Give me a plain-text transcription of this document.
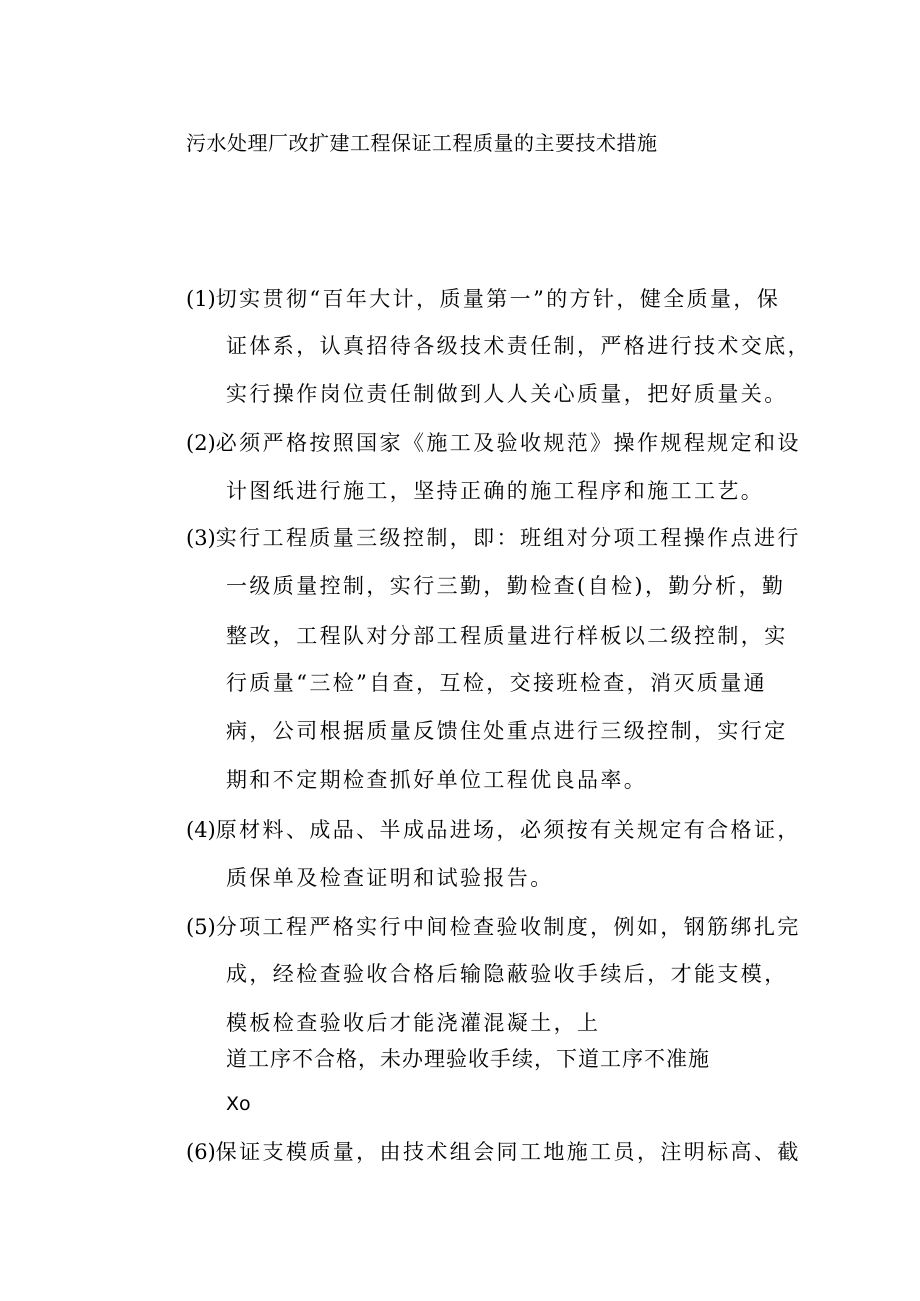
污水处理厂改扩建工程保证工程质量的主要技术措施
(1)切实贯彻“百年大计，质量第一”的方针，健全质量，保
证体系，认真招待各级技术责任制，严格进行技术交底，
实行操作岗位责任制做到人人关心质量，把好质量关。
(2)必须严格按照国家《施工及验收规范》操作规程规定和设
计图纸进行施工，坚持正确的施工程序和施工工艺。
(3)实行工程质量三级控制，即：班组对分项工程操作点进行
一级质量控制，实行三勤，勤检查(自检)，勤分析，勤
整改，工程队对分部工程质量进行样板以二级控制，实
行质量“三检”自查，互检，交接班检查，消灭质量通
病，公司根据质量反馈住处重点进行三级控制，实行定
期和不定期检查抓好单位工程优良品率。
(4)原材料、成品、半成品进场，必须按有关规定有合格证，
质保单及检查证明和试验报告。
(5)分项工程严格实行中间检查验收制度，例如，钢筋绑扎完
成，经检查验收合格后输隐蔽验收手续后，才能支模，
模板检查验收后才能浇灌混凝土，上
道工序不合格，未办理验收手续，下道工序不准施
Xo
(6)保证支模质量，由技术组会同工地施工员，注明标高、截
